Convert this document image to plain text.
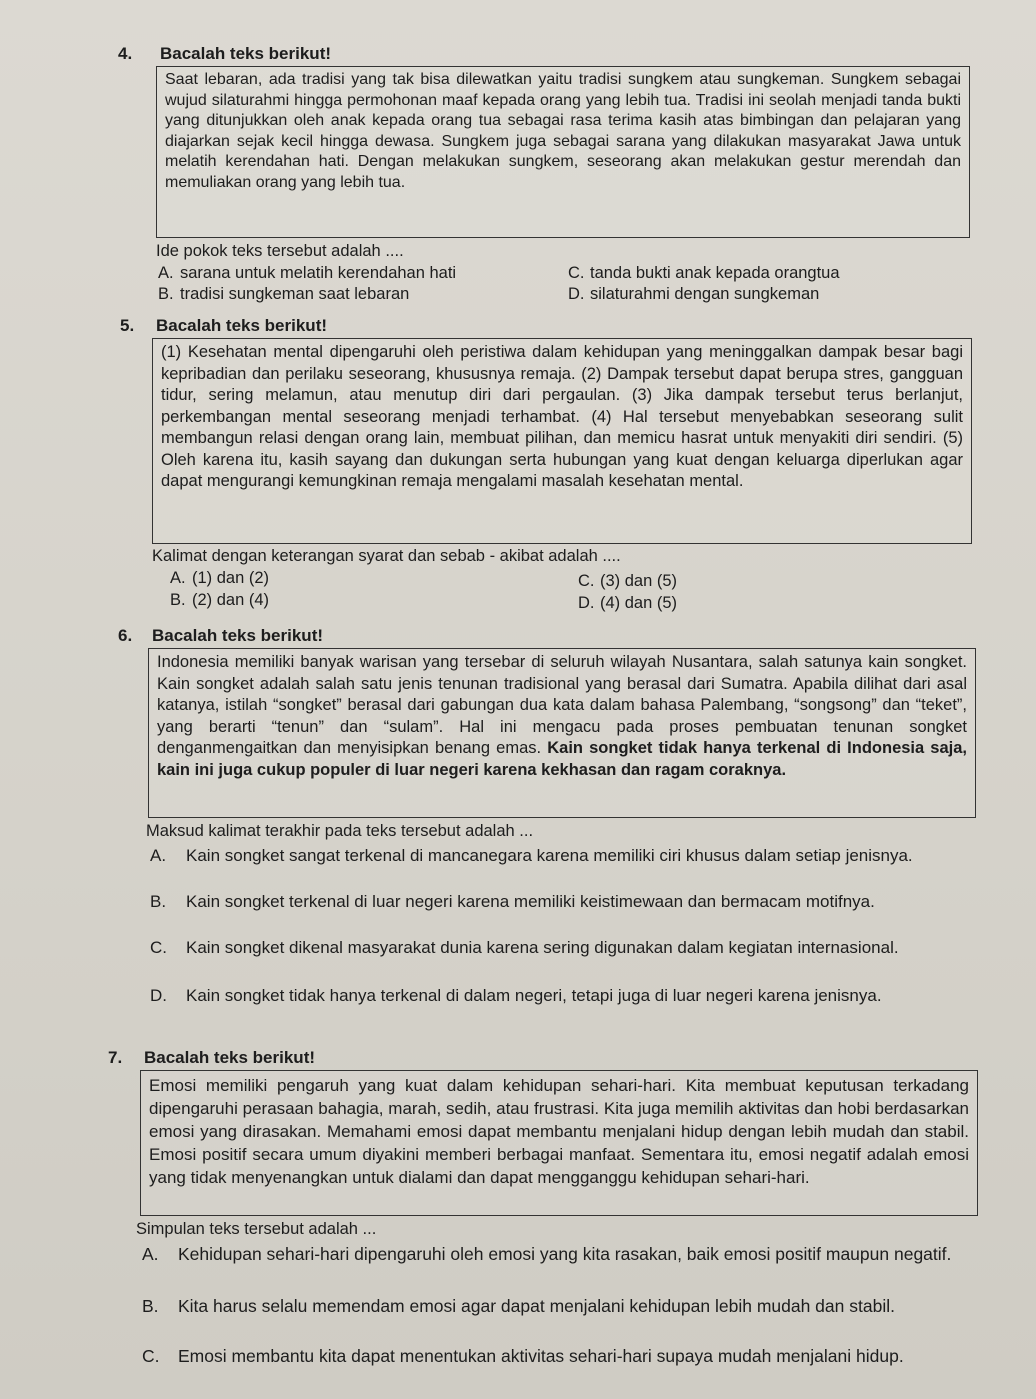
4. Bacalah teks berikut!
Saat lebaran, ada tradisi yang tak bisa dilewatkan yaitu tradisi sungkem atau sungkeman. Sungkem sebagai wujud silaturahmi hingga permohonan maaf kepada orang yang lebih tua. Tradisi ini seolah menjadi tanda bukti yang ditunjukkan oleh anak kepada orang tua sebagai rasa terima kasih atas bimbingan dan pelajaran yang diajarkan sejak kecil hingga dewasa. Sungkem juga sebagai sarana yang dilakukan masyarakat Jawa untuk melatih kerendahan hati. Dengan melakukan sungkem, seseorang akan melakukan gestur merendah dan memuliakan orang yang lebih tua.
Ide pokok teks tersebut adalah ....
A. sarana untuk melatih kerendahan hati
B. tradisi sungkeman saat lebaran
C. tanda bukti anak kepada orangtua
D. silaturahmi dengan sungkeman
5. Bacalah teks berikut!
(1) Kesehatan mental dipengaruhi oleh peristiwa dalam kehidupan yang meninggalkan dampak besar bagi kepribadian dan perilaku seseorang, khususnya remaja. (2) Dampak tersebut dapat berupa stres, gangguan tidur, sering melamun, atau menutup diri dari pergaulan. (3) Jika dampak tersebut terus berlanjut, perkembangan mental seseorang menjadi terhambat. (4) Hal tersebut menyebabkan seseorang sulit membangun relasi dengan orang lain, membuat pilihan, dan memicu hasrat untuk menyakiti diri sendiri. (5) Oleh karena itu, kasih sayang dan dukungan serta hubungan yang kuat dengan keluarga diperlukan agar dapat mengurangi kemungkinan remaja mengalami masalah kesehatan mental.
Kalimat dengan keterangan syarat dan sebab - akibat adalah ....
A. (1) dan (2)
B. (2) dan (4)
C. (3) dan (5)
D. (4) dan (5)
6. Bacalah teks berikut!
Indonesia memiliki banyak warisan yang tersebar di seluruh wilayah Nusantara, salah satunya kain songket. Kain songket adalah salah satu jenis tenunan tradisional yang berasal dari Sumatra. Apabila dilihat dari asal katanya, istilah “songket” berasal dari gabungan dua kata dalam bahasa Palembang, “songsong” dan “teket”, yang berarti “tenun” dan “sulam”. Hal ini mengacu pada proses pembuatan tenunan songket denganmengaitkan dan menyisipkan benang emas. Kain songket tidak hanya terkenal di Indonesia saja, kain ini juga cukup populer di luar negeri karena kekhasan dan ragam coraknya.
Maksud kalimat terakhir pada teks tersebut adalah ...
A. Kain songket sangat terkenal di mancanegara karena memiliki ciri khusus dalam setiap jenisnya.
B. Kain songket terkenal di luar negeri karena memiliki keistimewaan dan bermacam motifnya.
C. Kain songket dikenal masyarakat dunia karena sering digunakan dalam kegiatan internasional.
D. Kain songket tidak hanya terkenal di dalam negeri, tetapi juga di luar negeri karena jenisnya.
7. Bacalah teks berikut!
Emosi memiliki pengaruh yang kuat dalam kehidupan sehari-hari. Kita membuat keputusan terkadang dipengaruhi perasaan bahagia, marah, sedih, atau frustrasi. Kita juga memilih aktivitas dan hobi berdasarkan emosi yang dirasakan. Memahami emosi dapat membantu menjalani hidup dengan lebih mudah dan stabil. Emosi positif secara umum diyakini memberi berbagai manfaat. Sementara itu, emosi negatif adalah emosi yang tidak menyenangkan untuk dialami dan dapat mengganggu kehidupan sehari-hari.
Simpulan teks tersebut adalah ...
A. Kehidupan sehari-hari dipengaruhi oleh emosi yang kita rasakan, baik emosi positif maupun negatif.
B. Kita harus selalu memendam emosi agar dapat menjalani kehidupan lebih mudah dan stabil.
C. Emosi membantu kita dapat menentukan aktivitas sehari-hari supaya mudah menjalani hidup.
